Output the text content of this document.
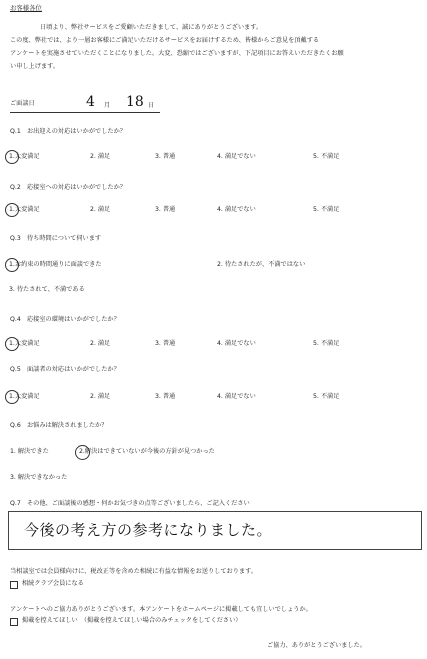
お客様各位
日頃より、弊社サービスをご愛顧いただきまして、誠にありがとうございます。
この度、弊社では、より一層お客様にご満足いただけるサービスをお届けするため、皆様からご意見を頂戴する
アンケートを実施させていただくことになりました。大変、恐縮ではございますが、下記項目にお答えいただきたくお願
い申し上げます。
ご面談日	4 月 18 日
Q.1　お出迎えの対応はいかがでしたか？
1.大変満足	2. 満足	3. 普通	4. 満足でない	5. 不満足
Q.2　応接室への対応はいかがでしたか？
1.大変満足	2. 満足	3. 普通	4. 満足でない	5. 不満足
Q.3　待ち時間について伺います
1.お約束の時間通りに面談できた	2. 待たされたが、不満ではない
3. 待たされて、不満である
Q.4　応接室の環境はいかがでしたか？
1.大変満足	2. 満足	3. 普通	4. 満足でない	5. 不満足
Q.5　面談者の対応はいかがでしたか？
1.大変満足	2. 満足	3. 普通	4. 満足でない	5. 不満足
Q.6　お悩みは解決されましたか？
1. 解決できた	2.解決はできていないが今後の方針が見つかった
3. 解決できなかった
Q.7　その他、ご面談後の感想・何かお気づきの点等ございましたら、ご記入ください
今後の考え方の参考になりました。
当相談室では会員様向けに、税改正等を含めた相続に有益な情報をお送りしております。
相続クラブ会員になる
アンケートへのご協力ありがとうございます。本アンケートをホームページに掲載しても宜しいでしょうか。
掲載を控えてほしい　（掲載を控えてほしい場合のみチェックをしてください）
ご協力、ありがとうございました。
